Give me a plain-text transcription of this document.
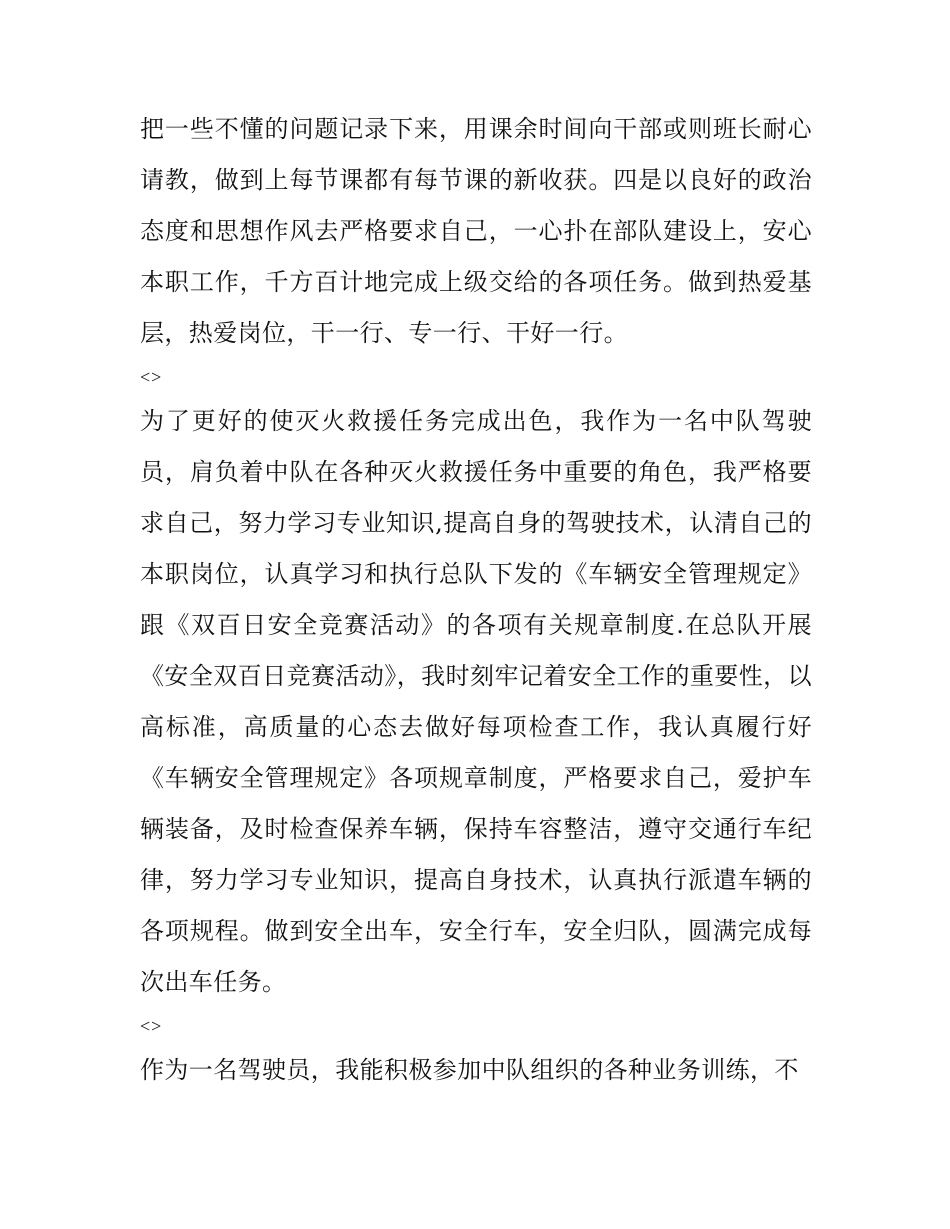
把一些不懂的问题记录下来，用课余时间向干部或则班长耐心请教，做到上每节课都有每节课的新收获。四是以良好的政治态度和思想作风去严格要求自己，一心扑在部队建设上，安心本职工作，千方百计地完成上级交给的各项任务。做到热爱基层，热爱岗位，干一行、专一行、干好一行。

<>

为了更好的使灭火救援任务完成出色，我作为一名中队驾驶员，肩负着中队在各种灭火救援任务中重要的角色，我严格要求自己，努力学习专业知识,提高自身的驾驶技术，认清自己的本职岗位，认真学习和执行总队下发的《车辆安全管理规定》跟《双百日安全竞赛活动》的各项有关规章制度.在总队开展《安全双百日竞赛活动》，我时刻牢记着安全工作的重要性，以高标准，高质量的心态去做好每项检查工作，我认真履行好《车辆安全管理规定》各项规章制度，严格要求自己，爱护车辆装备，及时检查保养车辆，保持车容整洁，遵守交通行车纪律，努力学习专业知识，提高自身技术，认真执行派遣车辆的各项规程。做到安全出车，安全行车，安全归队，圆满完成每次出车任务。

<>

作为一名驾驶员，我能积极参加中队组织的各种业务训练，不
